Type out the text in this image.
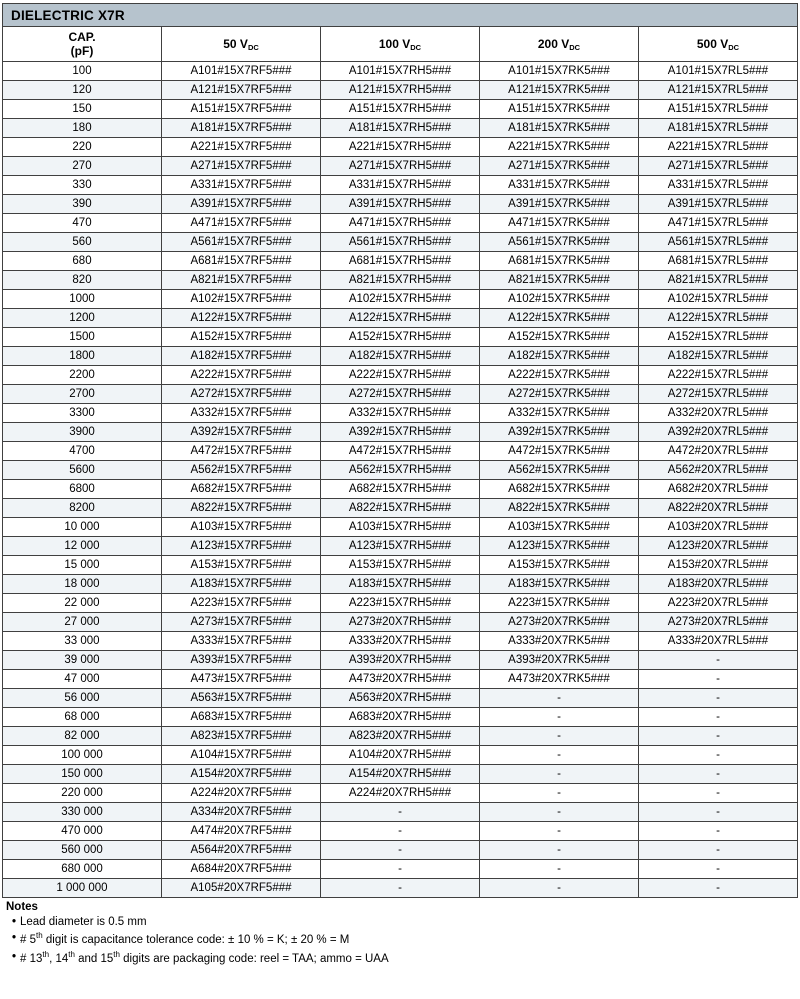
DIELECTRIC X7R
CAP.
(pF)	50 $V_{DC}$	100 $V_{DC}$	200 $V_{DC}$	500 $V_{DC}$
100	A101#15X7RF5###	A101#15X7RH5###	A101#15X7RK5###	A101#15X7RL5###
120	A121#15X7RF5###	A121#15X7RH5###	A121#15X7RK5###	A121#15X7RL5###
150	A151#15X7RF5###	A151#15X7RH5###	A151#15X7RK5###	A151#15X7RL5###
180	A181#15X7RF5###	A181#15X7RH5###	A181#15X7RK5###	A181#15X7RL5###
220	A221#15X7RF5###	A221#15X7RH5###	A221#15X7RK5###	A221#15X7RL5###
270	A271#15X7RF5###	A271#15X7RH5###	A271#15X7RK5###	A271#15X7RL5###
330	A331#15X7RF5###	A331#15X7RH5###	A331#15X7RK5###	A331#15X7RL5###
390	A391#15X7RF5###	A391#15X7RH5###	A391#15X7RK5###	A391#15X7RL5###
470	A471#15X7RF5###	A471#15X7RH5###	A471#15X7RK5###	A471#15X7RL5###
560	A561#15X7RF5###	A561#15X7RH5###	A561#15X7RK5###	A561#15X7RL5###
680	A681#15X7RF5###	A681#15X7RH5###	A681#15X7RK5###	A681#15X7RL5###
820	A821#15X7RF5###	A821#15X7RH5###	A821#15X7RK5###	A821#15X7RL5###
1000	A102#15X7RF5###	A102#15X7RH5###	A102#15X7RK5###	A102#15X7RL5###
1200	A122#15X7RF5###	A122#15X7RH5###	A122#15X7RK5###	A122#15X7RL5###
1500	A152#15X7RF5###	A152#15X7RH5###	A152#15X7RK5###	A152#15X7RL5###
1800	A182#15X7RF5###	A182#15X7RH5###	A182#15X7RK5###	A182#15X7RL5###
2200	A222#15X7RF5###	A222#15X7RH5###	A222#15X7RK5###	A222#15X7RL5###
2700	A272#15X7RF5###	A272#15X7RH5###	A272#15X7RK5###	A272#15X7RL5###
3300	A332#15X7RF5###	A332#15X7RH5###	A332#15X7RK5###	A332#20X7RL5###
3900	A392#15X7RF5###	A392#15X7RH5###	A392#15X7RK5###	A392#20X7RL5###
4700	A472#15X7RF5###	A472#15X7RH5###	A472#15X7RK5###	A472#20X7RL5###
5600	A562#15X7RF5###	A562#15X7RH5###	A562#15X7RK5###	A562#20X7RL5###
6800	A682#15X7RF5###	A682#15X7RH5###	A682#15X7RK5###	A682#20X7RL5###
8200	A822#15X7RF5###	A822#15X7RH5###	A822#15X7RK5###	A822#20X7RL5###
10 000	A103#15X7RF5###	A103#15X7RH5###	A103#15X7RK5###	A103#20X7RL5###
12 000	A123#15X7RF5###	A123#15X7RH5###	A123#15X7RK5###	A123#20X7RL5###
15 000	A153#15X7RF5###	A153#15X7RH5###	A153#15X7RK5###	A153#20X7RL5###
18 000	A183#15X7RF5###	A183#15X7RH5###	A183#15X7RK5###	A183#20X7RL5###
22 000	A223#15X7RF5###	A223#15X7RH5###	A223#15X7RK5###	A223#20X7RL5###
27 000	A273#15X7RF5###	A273#20X7RH5###	A273#20X7RK5###	A273#20X7RL5###
33 000	A333#15X7RF5###	A333#20X7RH5###	A333#20X7RK5###	A333#20X7RL5###
39 000	A393#15X7RF5###	A393#20X7RH5###	A393#20X7RK5###	-
47 000	A473#15X7RF5###	A473#20X7RH5###	A473#20X7RK5###	-
56 000	A563#15X7RF5###	A563#20X7RH5###	-	-
68 000	A683#15X7RF5###	A683#20X7RH5###	-	-
82 000	A823#15X7RF5###	A823#20X7RH5###	-	-
100 000	A104#15X7RF5###	A104#20X7RH5###	-	-
150 000	A154#20X7RF5###	A154#20X7RH5###	-	-
220 000	A224#20X7RF5###	A224#20X7RH5###	-	-
330 000	A334#20X7RF5###	-	-	-
470 000	A474#20X7RF5###	-	-	-
560 000	A564#20X7RF5###	-	-	-
680 000	A684#20X7RF5###	-	-	-
1 000 000	A105#20X7RF5###	-	-	-
Notes
•
Lead diameter is 0.5 mm
•
# 5th digit is capacitance tolerance code: ± 10 % = K; ± 20 % = M
•
# 13th, 14th and 15th digits are packaging code: reel = TAA; ammo = UAA
